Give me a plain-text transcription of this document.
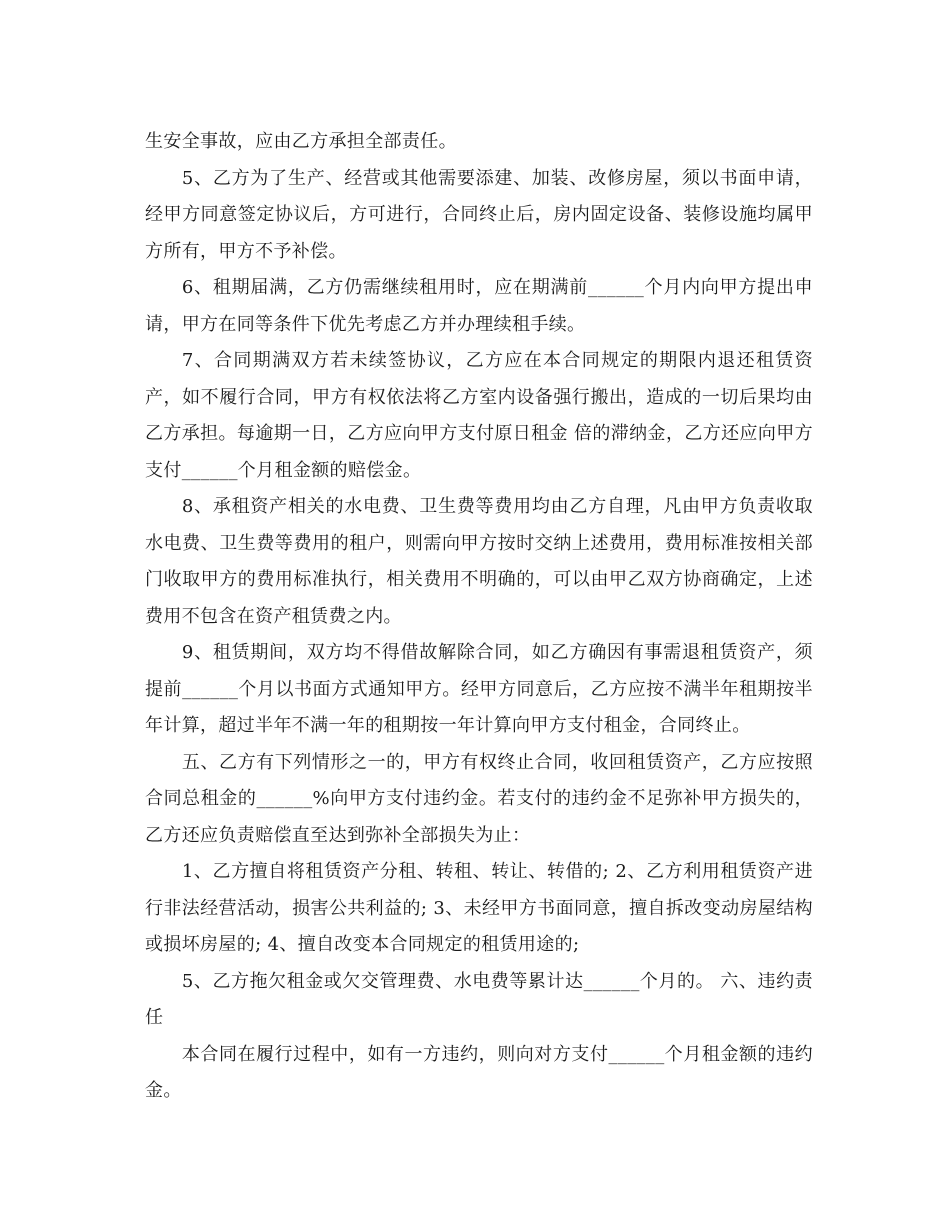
生安全事故，应由乙方承担全部责任。

5、乙方为了生产、经营或其他需要添建、加装、改修房屋，须以书面申请，经甲方同意签定协议后，方可进行，合同终止后，房内固定设备、装修设施均属甲方所有，甲方不予补偿。

6、租期届满，乙方仍需继续租用时，应在期满前______个月内向甲方提出申请，甲方在同等条件下优先考虑乙方并办理续租手续。

7、合同期满双方若未续签协议，乙方应在本合同规定的期限内退还租赁资产，如不履行合同，甲方有权依法将乙方室内设备强行搬出，造成的一切后果均由乙方承担。每逾期一日，乙方应向甲方支付原日租金 倍的滞纳金，乙方还应向甲方支付______个月租金额的赔偿金。

8、承租资产相关的水电费、卫生费等费用均由乙方自理，凡由甲方负责收取水电费、卫生费等费用的租户，则需向甲方按时交纳上述费用，费用标准按相关部门收取甲方的费用标准执行，相关费用不明确的，可以由甲乙双方协商确定，上述费用不包含在资产租赁费之内。

9、租赁期间，双方均不得借故解除合同，如乙方确因有事需退租赁资产，须提前______个月以书面方式通知甲方。经甲方同意后，乙方应按不满半年租期按半年计算，超过半年不满一年的租期按一年计算向甲方支付租金，合同终止。

五、乙方有下列情形之一的，甲方有权终止合同，收回租赁资产，乙方应按照合同总租金的______%向甲方支付违约金。若支付的违约金不足弥补甲方损失的，乙方还应负责赔偿直至达到弥补全部损失为止：

1、乙方擅自将租赁资产分租、转租、转让、转借的; 2、乙方利用租赁资产进行非法经营活动，损害公共利益的; 3、未经甲方书面同意，擅自拆改变动房屋结构或损坏房屋的; 4、擅自改变本合同规定的租赁用途的;

5、乙方拖欠租金或欠交管理费、水电费等累计达______个月的。 六、违约责任

本合同在履行过程中，如有一方违约，则向对方支付______个月租金额的违约金。
